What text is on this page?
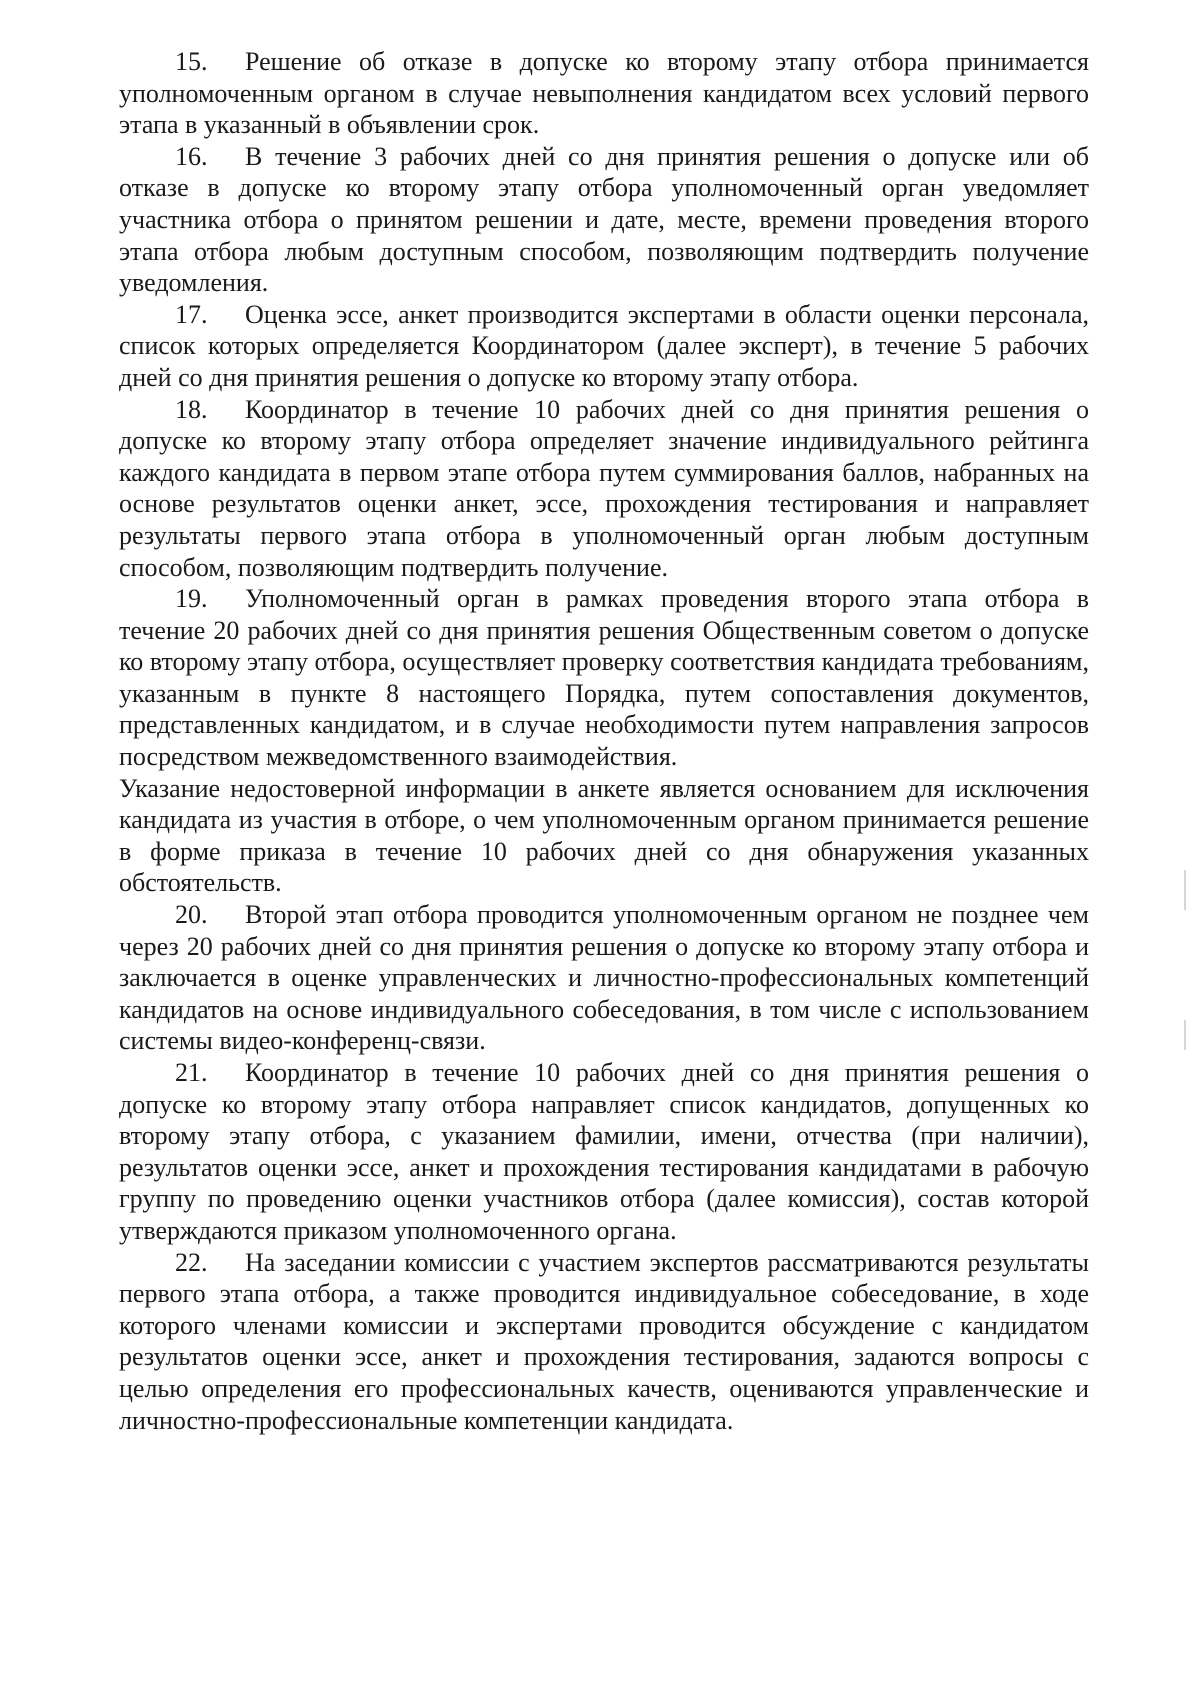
15. Решение об отказе в допуске ко второму этапу отбора принимается уполномоченным органом в случае невыполнения кандидатом всех условий первого этапа в указанный в объявлении срок.

16. В течение 3 рабочих дней со дня принятия решения о допуске или об отказе в допуске ко второму этапу отбора уполномоченный орган уведомляет участника отбора о принятом решении и дате, месте, времени проведения второго этапа отбора любым доступным способом, позволяющим подтвердить получение уведомления.

17. Оценка эссе, анкет производится экспертами в области оценки персонала, список которых определяется Координатором (далее эксперт), в течение 5 рабочих дней со дня принятия решения о допуске ко второму этапу отбора.

18. Координатор в течение 10 рабочих дней со дня принятия решения о допуске ко второму этапу отбора определяет значение индивидуального рейтинга каждого кандидата в первом этапе отбора путем суммирования баллов, набранных на основе результатов оценки анкет, эссе, прохождения тестирования и направляет результаты первого этапа отбора в уполномоченный орган любым доступным способом, позволяющим подтвердить получение.

19. Уполномоченный орган в рамках проведения второго этапа отбора в течение 20 рабочих дней со дня принятия решения Общественным советом о допуске ко второму этапу отбора, осуществляет проверку соответствия кандидата требованиям, указанным в пункте 8 настоящего Порядка, путем сопоставления документов, представленных кандидатом, и в случае необходимости путем направления запросов посредством межведомственного взаимодействия.

Указание недостоверной информации в анкете является основанием для исключения кандидата из участия в отборе, о чем уполномоченным органом принимается решение в форме приказа в течение 10 рабочих дней со дня обнаружения указанных обстоятельств.

20. Второй этап отбора проводится уполномоченным органом не позднее чем через 20 рабочих дней со дня принятия решения о допуске ко второму этапу отбора и заключается в оценке управленческих и личностно-профессиональных компетенций кандидатов на основе индивидуального собеседования, в том числе с использованием системы видео-конференц-связи.

21. Координатор в течение 10 рабочих дней со дня принятия решения о допуске ко второму этапу отбора направляет список кандидатов, допущенных ко второму этапу отбора, с указанием фамилии, имени, отчества (при наличии), результатов оценки эссе, анкет и прохождения тестирования кандидатами в рабочую группу по проведению оценки участников отбора (далее комиссия), состав которой утверждаются приказом уполномоченного органа.

22. На заседании комиссии с участием экспертов рассматриваются результаты первого этапа отбора, а также проводится индивидуальное собеседование, в ходе которого членами комиссии и экспертами проводится обсуждение с кандидатом результатов оценки эссе, анкет и прохождения тестирования, задаются вопросы с целью определения его профессиональных качеств, оцениваются управленческие и личностно-профессиональные компетенции кандидата.
